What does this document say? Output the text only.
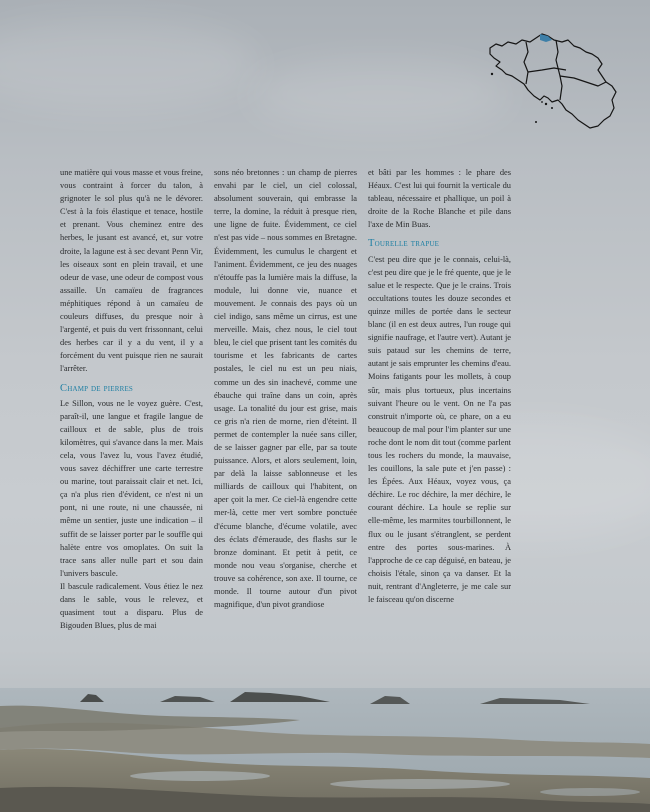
une matière qui vous masse et vous freine, vous contraint à forcer du talon, à grignoter le sol plus qu'à ne le dévorer. C'est à la fois élastique et tenace, hostile et prenant. Vous cheminez entre des herbes, le jusant est avancé, et, sur votre droite, la lagune est à sec devant Penn Vir, les oiseaux sont en plein travail, et une odeur de vase, une odeur de compost vous assaille. Un camaïeu de fragrances méphitiques répond à un camaïeu de couleurs diffuses, du presque noir à l'argenté, et puis du vert frissonnant, celui des herbes car il y a du vent, il y a forcément du vent puisque rien ne saurait l'arrêter.

Champ de pierres

Le Sillon, vous ne le voyez guère. C'est, paraît-il, une langue et fragile langue de cailloux et de sable, plus de trois kilomètres, qui s'avance dans la mer. Mais cela, vous l'avez lu, vous l'avez étudié, vous savez déchiffrer une carte terrestre ou marine, tout paraissait clair et net. Ici, ça n'a plus rien d'évident, ce n'est ni un pont, ni une route, ni une chaussée, ni même un sentier, juste une indication – il suffit de se laisser porter par le souffle qui halète entre vos omoplates. On suit la trace sans aller nulle part et sou dain l'univers bascule.

Il bascule radicalement. Vous étiez le nez dans le sable, vous le relevez, et quasiment tout a disparu. Plus de Bigouden Blues, plus de mai

sons néo bretonnes : un champ de pierres envahi par le ciel, un ciel colossal, absolument souverain, qui embrasse la terre, la domine, la réduit à presque rien, une ligne de fuite. Évidemment, ce ciel n'est pas vide – nous sommes en Bretagne. Évidemment, les cumulus le chargent et l'animent. Évidemment, ce jeu des nuages n'étouffe pas la lumière mais la diffuse, la module, lui donne vie, nuance et mouvement. Je connais des pays où un ciel indigo, sans même un cirrus, est une merveille. Mais, chez nous, le ciel tout bleu, le ciel que prisent tant les comités du tourisme et les fabricants de cartes postales, le ciel nu est un peu niais, comme un des sin inachevé, comme une ébauche qui traîne dans un coin, après usage. La tonalité du jour est grise, mais ce gris n'a rien de morne, rien d'éteint. Il permet de contempler la nuée sans ciller, de se laisser gagner par elle, par sa toute puissance. Alors, et alors seulement, loin, par delà la laisse sablonneuse et les milliards de cailloux qui l'habitent, on aper çoit la mer. Ce ciel-là engendre cette mer-là, cette mer vert sombre ponctuée d'écume blanche, d'écume volatile, avec des éclats d'émeraude, des flashs sur le bronze dominant. Et petit à petit, ce monde nou veau s'organise, cherche et trouve sa cohérence, son axe. Il tourne, ce monde. Il tourne autour d'un pivot magnifique, d'un pivot grandiose

et bâti par les hommes : le phare des Héaux. C'est lui qui fournit la verticale du tableau, nécessaire et phallique, un poil à droite de la Roche Blanche et pile dans l'axe de Min Buas.

Tourelle trapue

C'est peu dire que je le connais, celui-là, c'est peu dire que je le fré quente, que je le salue et le respecte. Que je le crains. Trois occultations toutes les douze secondes et quinze milles de portée dans le secteur blanc (il en est deux autres, l'un rouge qui signifie naufrage, et l'autre vert). Autant je suis pataud sur les chemins de terre, autant je sais emprunter les chemins d'eau. Moins fatigants pour les mollets, à coup sûr, mais plus tortueux, plus incertains suivant l'heure ou le vent. On ne l'a pas construit n'importe où, ce phare, on a eu beaucoup de mal pour l'im planter sur une roche dont le nom dit tout (comme parlent tous les rochers du monde, la mauvaise, les couillons, la sale pute et j'en passe) : les Épées. Aux Héaux, voyez vous, ça déchire. Le roc déchire, la mer déchire, le courant déchire. La houle se replie sur elle-même, les marmites tourbillonnent, le flux ou le jusant s'étranglent, se perdent entre des portes sous-marines. À l'approche de ce cap déguisé, en bateau, je choisis l'étale, sinon ça va danser. Et la nuit, rentrant d'Angleterre, je me cale sur le faisceau qu'on discerne
